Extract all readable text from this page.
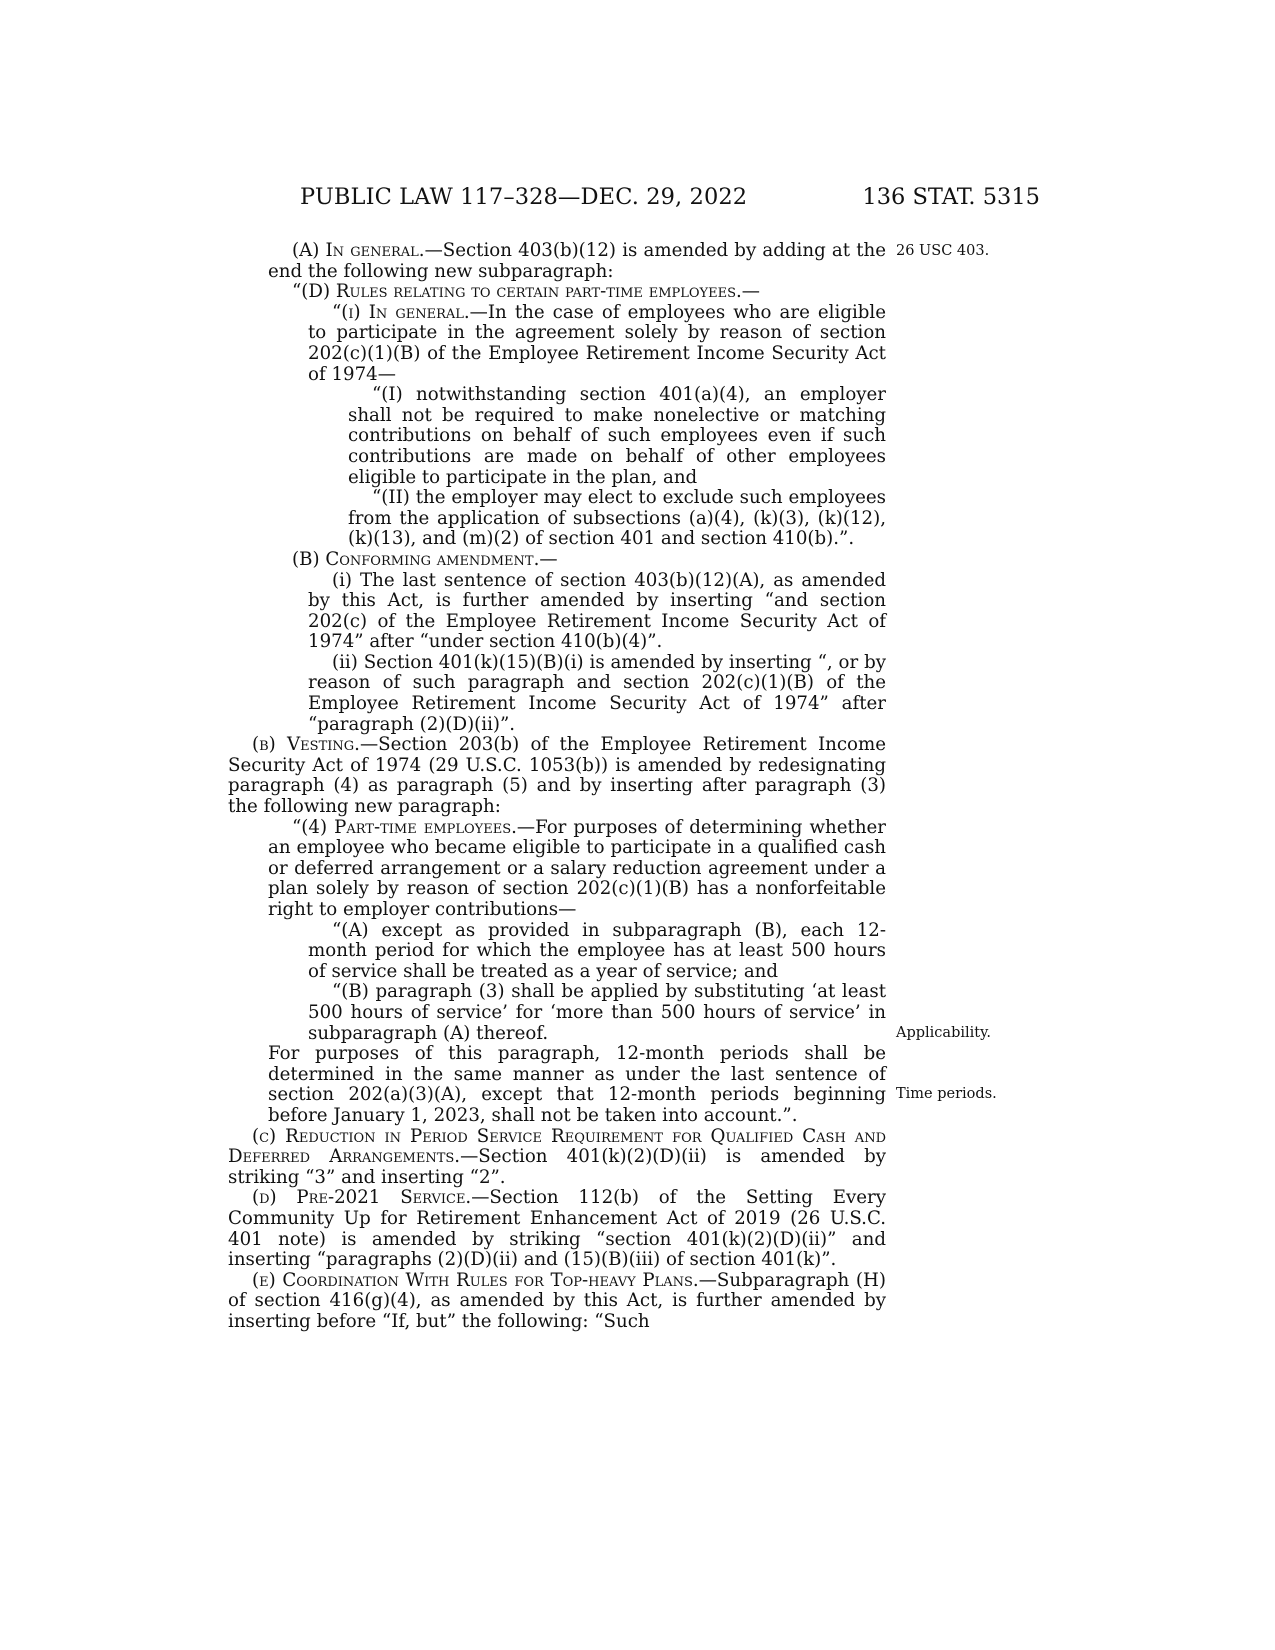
PUBLIC LAW 117–328—DEC. 29, 2022	136 STAT. 5315
26 USC 403.
Applicability.
Time periods.

(A) In general.—Section 403(b)(12) is amended by adding at the end the following new subparagraph:

“(D) Rules relating to certain part-time employees.—

“(i) In general.—In the case of employees who are eligible to participate in the agreement solely by reason of section 202(c)(1)(B) of the Employee Retirement Income Security Act of 1974—

“(I) notwithstanding section 401(a)(4), an employer shall not be required to make nonelective or matching contributions on behalf of such employees even if such contributions are made on behalf of other employees eligible to participate in the plan, and

“(II) the employer may elect to exclude such employees from the application of subsections (a)(4), (k)(3), (k)(12), (k)(13), and (m)(2) of section 401 and section 410(b).”.

(B) Conforming amendment.—

(i) The last sentence of section 403(b)(12)(A), as amended by this Act, is further amended by inserting “and section 202(c) of the Employee Retirement Income Security Act of 1974” after “under section 410(b)(4)”.

(ii) Section 401(k)(15)(B)(i) is amended by inserting “, or by reason of such paragraph and section 202(c)(1)(B) of the Employee Retirement Income Security Act of 1974” after “paragraph (2)(D)(ii)”.

(b) Vesting.—Section 203(b) of the Employee Retirement Income Security Act of 1974 (29 U.S.C. 1053(b)) is amended by redesignating paragraph (4) as paragraph (5) and by inserting after paragraph (3) the following new paragraph:

“(4) Part-time employees.—For purposes of determining whether an employee who became eligible to participate in a qualified cash or deferred arrangement or a salary reduction agreement under a plan solely by reason of section 202(c)(1)(B) has a nonforfeitable right to employer contributions—

“(A) except as provided in subparagraph (B), each 12-month period for which the employee has at least 500 hours of service shall be treated as a year of service; and

“(B) paragraph (3) shall be applied by substituting ‘at least 500 hours of service’ for ‘more than 500 hours of service’ in subparagraph (A) thereof.

For purposes of this paragraph, 12-month periods shall be determined in the same manner as under the last sentence of section 202(a)(3)(A), except that 12-month periods beginning before January 1, 2023, shall not be taken into account.”.

(c) Reduction in Period Service Requirement for Qualified Cash and Deferred Arrangements.—Section 401(k)(2)(D)(ii) is amended by striking “3” and inserting “2”.

(d) Pre-2021 Service.—Section 112(b) of the Setting Every Community Up for Retirement Enhancement Act of 2019 (26 U.S.C. 401 note) is amended by striking “section 401(k)(2)(D)(ii)” and inserting “paragraphs (2)(D)(ii) and (15)(B)(iii) of section 401(k)”.

(e) Coordination With Rules for Top-heavy Plans.—Subparagraph (H) of section 416(g)(4), as amended by this Act, is further amended by inserting before “If, but” the following: “Such
